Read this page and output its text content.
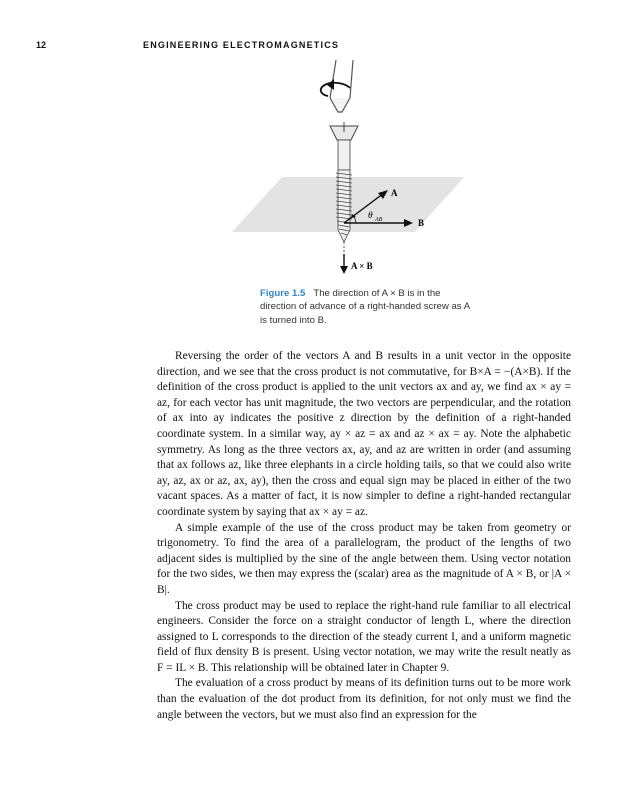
12	ENGINEERING ELECTROMAGNETICS
A
B
θ AB
A × B
Figure 1.5 The direction of A × B is in the direction of advance of a right-handed screw as A is turned into B.

Reversing the order of the vectors A and B results in a unit vector in the opposite direction, and we see that the cross product is not commutative, for B×A = −(A×B). If the definition of the cross product is applied to the unit vectors ax and ay, we find ax × ay = az, for each vector has unit magnitude, the two vectors are perpendicular, and the rotation of ax into ay indicates the positive z direction by the definition of a right-handed coordinate system. In a similar way, ay × az = ax and az × ax = ay. Note the alphabetic symmetry. As long as the three vectors ax, ay, and az are written in order (and assuming that ax follows az, like three elephants in a circle holding tails, so that we could also write ay, az, ax or az, ax, ay), then the cross and equal sign may be placed in either of the two vacant spaces. As a matter of fact, it is now simpler to define a right-handed rectangular coordinate system by saying that ax × ay = az.

A simple example of the use of the cross product may be taken from geometry or trigonometry. To find the area of a parallelogram, the product of the lengths of two adjacent sides is multiplied by the sine of the angle between them. Using vector notation for the two sides, we then may express the (scalar) area as the magnitude of A × B, or |A × B|.

The cross product may be used to replace the right-hand rule familiar to all electrical engineers. Consider the force on a straight conductor of length L, where the direction assigned to L corresponds to the direction of the steady current I, and a uniform magnetic field of flux density B is present. Using vector notation, we may write the result neatly as F = IL × B. This relationship will be obtained later in Chapter 9.

The evaluation of a cross product by means of its definition turns out to be more work than the evaluation of the dot product from its definition, for not only must we find the angle between the vectors, but we must also find an expression for the
